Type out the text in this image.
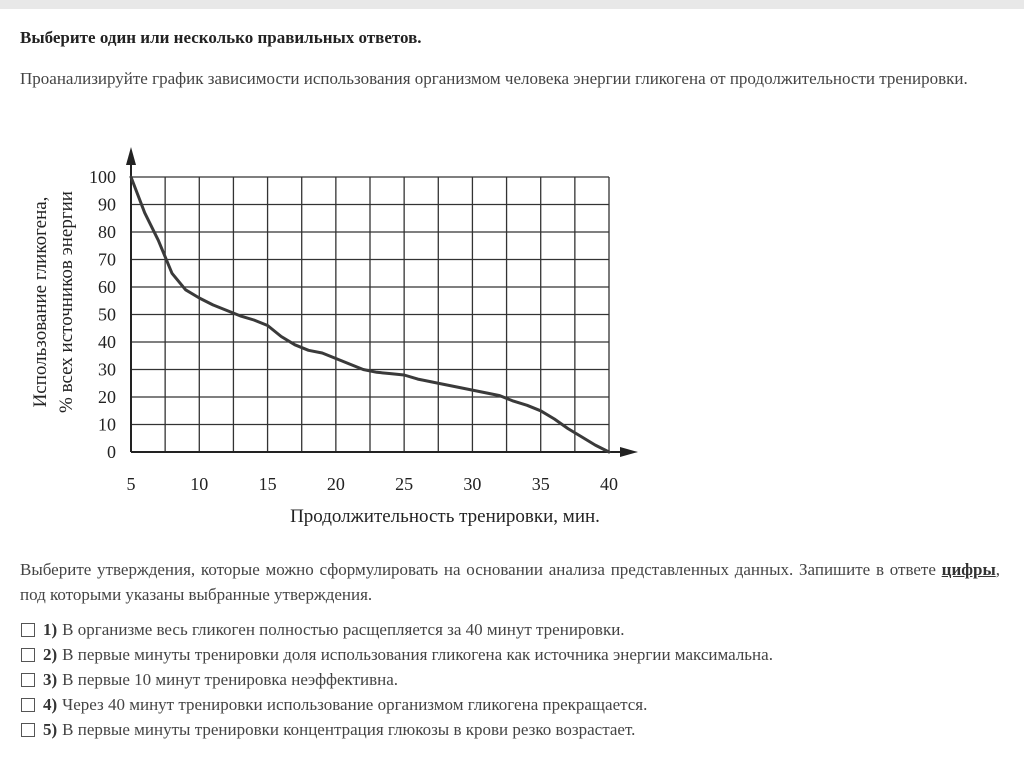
Выберите один или несколько правильных ответов.
Проанализируйте график зависимости использования организмом человека энергии гликогена от продолжительности тренировки.
0
10
20
30
40
50
60
70
80
90
100
5	10	15	20	25	30	35	40
Продолжительность тренировки, мин.
Использование гликогена, % всех источников энергии
Выберите утверждения, которые можно сформулировать на основании анализа представленных данных. Запишите в ответе цифры, под которыми указаны выбранные утверждения.
1) В организме весь гликоген полностью расщепляется за 40 минут тренировки.
2) В первые минуты тренировки доля использования гликогена как источника энергии максимальна.
3) В первые 10 минут тренировка неэффективна.
4) Через 40 минут тренировки использование организмом гликогена прекращается.
5) В первые минуты тренировки концентрация глюкозы в крови резко возрастает.
